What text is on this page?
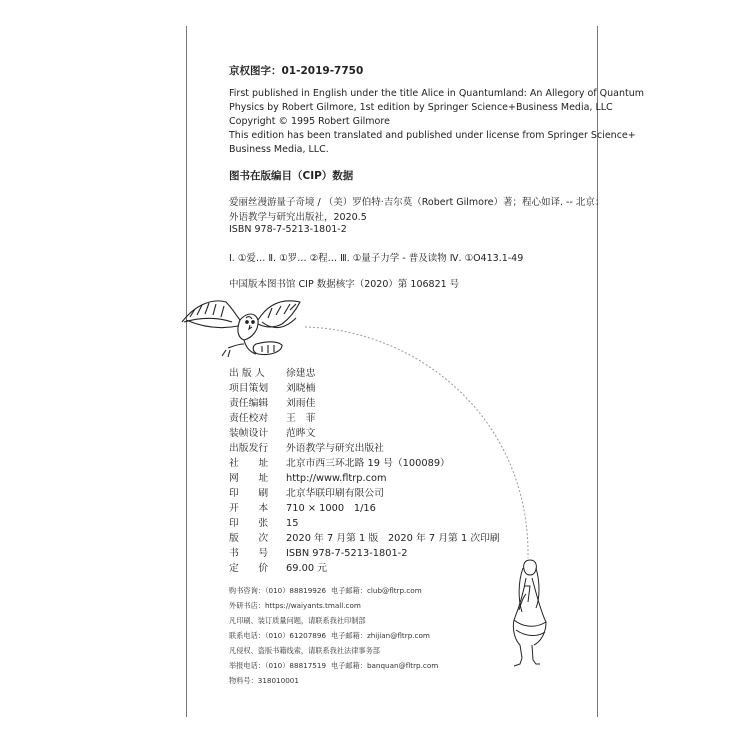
京权图字：01-2019-7750
First published in English under the title Alice in Quantumland: An Allegory of Quantum
Physics by Robert Gilmore, 1st edition by Springer Science+Business Media, LLC
Copyright © 1995 Robert Gilmore
This edition has been translated and published under license from Springer Science+
Business Media, LLC.
图书在版编目（CIP）数据
爱丽丝漫游量子奇境 / （美）罗伯特·吉尔莫（Robert Gilmore）著；程心如译. -- 北京：
外语教学与研究出版社，2020.5
ISBN 978-7-5213-1801-2
Ⅰ. ①爱… Ⅱ. ①罗… ②程… Ⅲ. ①量子力学 - 普及读物 Ⅳ. ①O413.1-49
中国版本图书馆 CIP 数据核字（2020）第 106821 号
出 版 人 徐建忠
项目策划 刘晓楠
责任编辑 刘雨佳
责任校对 王　菲
装帧设计 范晔文
出版发行 外语教学与研究出版社
社　　址 北京市西三环北路 19 号（100089）
网　　址 http://www.fltrp.com
印　　刷 北京华联印刷有限公司
开　　本 710 × 1000　1/16
印　　张 15
版　　次 2020 年 7 月第 1 版　2020 年 7 月第 1 次印刷
书　　号 ISBN 978-7-5213-1801-2
定　　价 69.00 元
购书咨询：（010）88819926 电子邮箱：club@fltrp.com
外研书店：https://waiyants.tmall.com
凡印刷、装订质量问题，请联系我社印制部
联系电话：（010）61207896 电子邮箱：zhijian@fltrp.com
凡侵权、盗版书籍线索，请联系我社法律事务部
举报电话：（010）88817519 电子邮箱：banquan@fltrp.com
物料号：318010001
